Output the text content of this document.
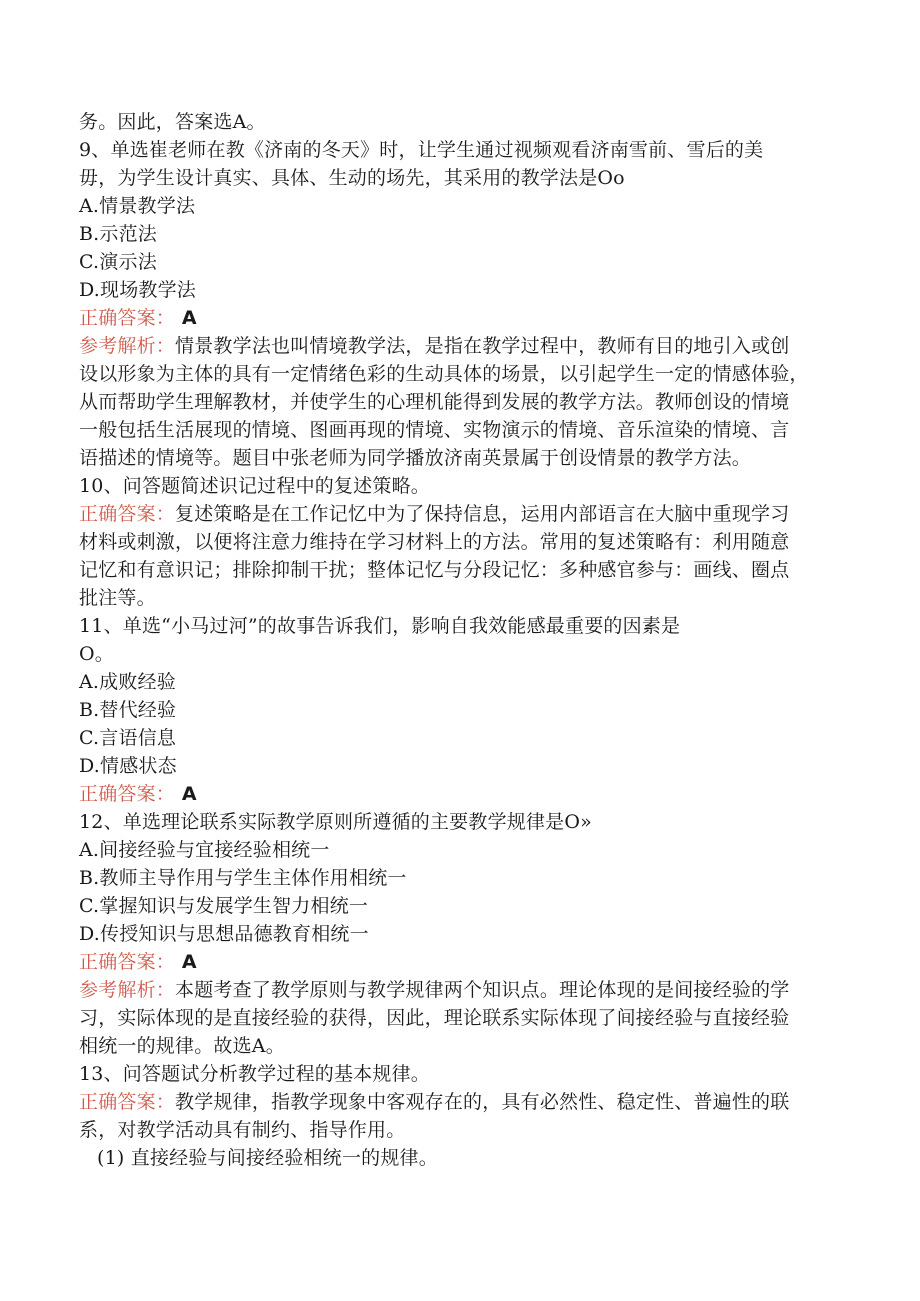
务。因此，答案选A。
9、单选崔老师在教《济南的冬天》时，让学生通过视频观看济南雪前、雪后的美
毋，为学生设计真实、具体、生动的场先，其采用的教学法是Oo
A.情景教学法
B.示范法
C.演示法
D.现场教学法
正确答案： A
参考解析：情景教学法也叫情境教学法，是指在教学过程中，教师有目的地引入或创
设以形象为主体的具有一定情绪色彩的生动具体的场景，以引起学生一定的情感体验，
从而帮助学生理解教材，并使学生的心理机能得到发展的教学方法。教师创设的情境
一般包括生活展现的情境、图画再现的情境、实物演示的情境、音乐渲染的情境、言
语描述的情境等。题目中张老师为同学播放济南英景属于创设情景的教学方法。
10、问答题简述识记过程中的复述策略。
正确答案：复述策略是在工作记忆中为了保持信息，运用内部语言在大脑中重现学习
材料或刺激，以便将注意力维持在学习材料上的方法。常用的复述策略有：利用随意
记忆和有意识记；排除抑制干扰；整体记忆与分段记忆：多种感官参与：画线、圈点
批注等。
11、单选“小马过河”的故事告诉我们，影响自我效能感最重要的因素是
O。
A.成败经验
B.替代经验
C.言语信息
D.情感状态
正确答案： A
12、单选理论联系实际教学原则所遵循的主要教学规律是O»
A.间接经验与宜接经验相统一
B.教师主导作用与学生主体作用相统一
C.掌握知识与发展学生智力相统一
D.传授知识与思想品德教育相统一
正确答案： A
参考解析：本题考查了教学原则与教学规律两个知识点。理论体现的是间接经验的学
习，实际体现的是直接经验的获得，因此，理论联系实际体现了间接经验与直接经验
相统一的规律。故选A。
13、问答题试分析教学过程的基本规律。
正确答案：教学规律，指教学现象中客观存在的，具有必然性、稳定性、普遍性的联
系，对教学活动具有制约、指导作用。
(1) 直接经验与间接经验相统一的规律。
